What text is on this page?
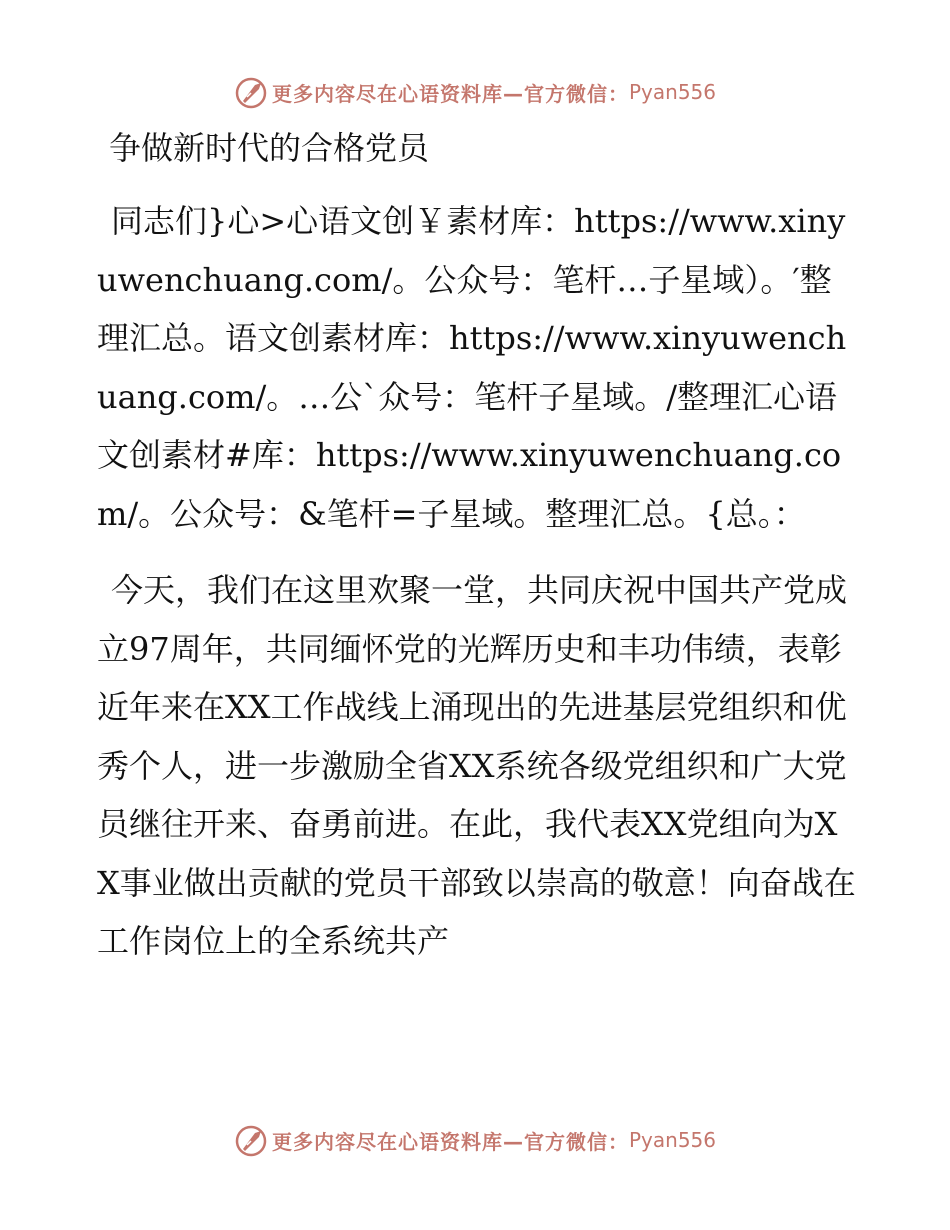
更多内容尽在心语资料库—官方微信： Pyan556
争做新时代的合格党员

同志们}心>心语文创￥素材库：https://www.xinyuwenchuang.com/。公众号：笔杆…子星域）。′整理汇总。语文创素材库：https://www.xinyuwenchuang.com/。…公`众号：笔杆子星域。/整理汇心语文创素材#库：https://www.xinyuwenchuang.com/。公众号：&笔杆=子星域。整理汇总。{总。：

今天，我们在这里欢聚一堂，共同庆祝中国共产党成立97周年，共同缅怀党的光辉历史和丰功伟绩，表彰近年来在XX工作战线上涌现出的先进基层党组织和优秀个人，进一步激励全省XX系统各级党组织和广大党员继往开来、奋勇前进。在此，我代表XX党组向为XX事业做出贡献的党员干部致以崇高的敬意！向奋战在工作岗位上的全系统共产

更多内容尽在心语资料库—官方微信： Pyan556
